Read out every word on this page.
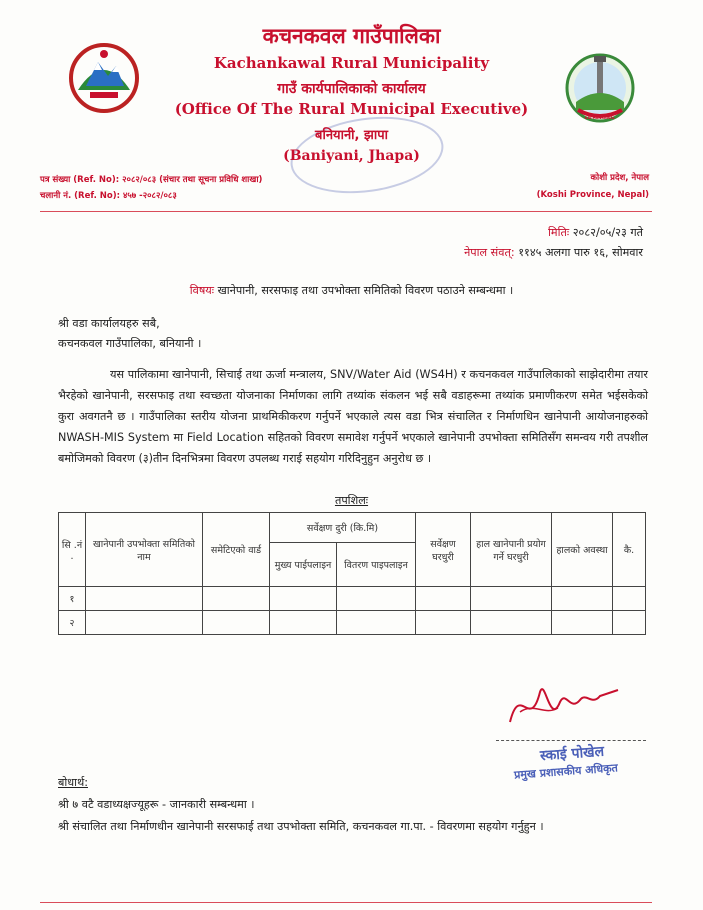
KACHANKAWAL
कचनकवल गाउँपालिका
Kachankawal Rural Municipality
गाउँ कार्यपालिकाको कार्यालय
(Office Of The Rural Municipal Executive)
बनियानी, झापा
(Baniyani, Jhapa)
पत्र संख्या (Ref. No): २०८२/०८३ (संचार तथा सूचना प्रविधि शाखा)
चलानी नं. (Ref. No): ४५७ -२०८२/०८३
कोशी प्रदेश, नेपाल
(Koshi Province, Nepal)
मितिः २०८२/०५/२३ गते
नेपाल संवत्: ११४५ अलगा पारु १६, सोमवार
विषयः खानेपानी, सरसफाइ तथा उपभोक्ता समितिको विवरण पठाउने सम्बन्धमा ।
श्री वडा कार्यालयहरु सबै,
कचनकवल गाउँपालिका, बनियानी ।
यस पालिकामा खानेपानी, सिचाई तथा ऊर्जा मन्त्रालय, SNV/Water Aid (WS4H) र कचनकवल गाउँपालिकाको साझेदारीमा तयार भैरहेको खानेपानी, सरसफाइ तथा स्वच्छता योजनाका निर्माणका लागि तथ्यांक संकलन भई सबै वडाहरूमा तथ्यांक प्रमाणीकरण समेत भईसकेको कुरा अवगतनै छ । गाउँपालिका स्तरीय योजना प्राथमिकीकरण गर्नुपर्ने भएकाले त्यस वडा भित्र संचालित र निर्माणधिन खानेपानी आयोजनाहरुको NWASH-MIS System मा Field Location सहितको विवरण समावेश गर्नुपर्ने भएकाले खानेपानी उपभोक्ता समितिसँग समन्वय गरी तपशील बमोजिमको विवरण (३)तीन दिनभित्रमा विवरण उपलब्ध गराई सहयोग गरिदिनुहुन अनुरोध छ ।
तपशिलः
सि .नं .	खानेपानी उपभोक्ता समितिको नाम	समेटिएको वार्ड	सर्वेक्षण दुरी (कि.मि)		सर्वेक्षण घरधुरी	हाल खानेपानी प्रयोग गर्ने घरधुरी	हालको अवस्था	कै.
			मुख्य पाईपलाइन	वितरण पाइपलाइन				
१								
२								
स्काई पोखेल
प्रमुख प्रशासकीय अधिकृत
बोधार्थ:
श्री ७ वटै वडाध्यक्षज्यूहरू - जानकारी सम्बन्धमा ।
श्री संचालित तथा निर्माणधीन खानेपानी सरसफाई तथा उपभोक्ता समिति, कचनकवल गा.पा. - विवरणमा सहयोग गर्नुहुन ।
